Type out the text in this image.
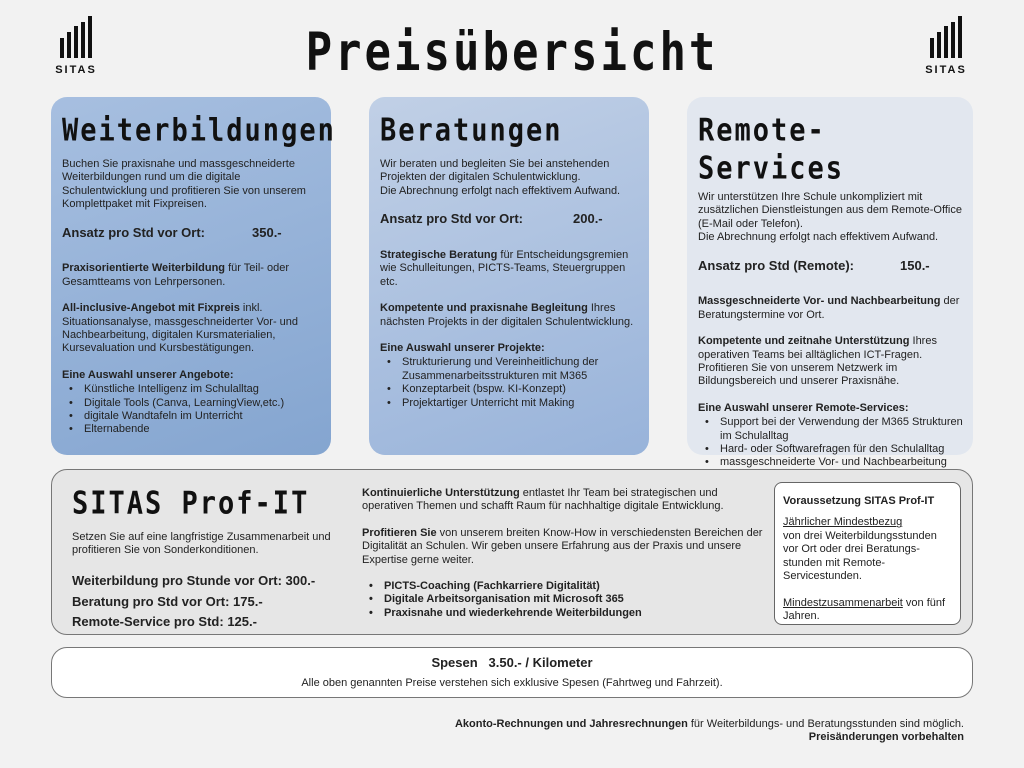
SITAS	SITAS
Preisübersicht
Weiterbildungen

Buchen Sie praxisnahe und massgeschneiderte Weiterbildungen rund um die digitale Schulentwicklung und profitieren Sie von unserem Komplettpaket mit Fixpreisen.

Ansatz pro Std vor Ort:	350.-

Praxisorientierte Weiterbildung für Teil- oder Gesamtteams von Lehrpersonen.

All-inclusive-Angebot mit Fixpreis inkl. Situationsanalyse, massgeschneiderter Vor- und Nachbearbeitung, digitalen Kursmaterialien, Kursevaluation und Kursbestätigungen.

Eine Auswahl unserer Angebote:
• Künstliche Intelligenz im Schulalltag
• Digitale Tools (Canva, LearningView,etc.)
• digitale Wandtafeln im Unterricht
• Elternabende
Beratungen
Wir beraten und begleiten Sie bei anstehenden Projekten der digitalen Schulentwicklung.

Die Abrechnung erfolgt nach effektivem Aufwand.

Ansatz pro Std vor Ort:	200.-

Strategische Beratung für Entscheidungsgremien wie Schulleitungen, PICTS-Teams, Steuergruppen etc.

Kompetente und praxisnahe Begleitung Ihres nächsten Projekts in der digitalen Schulentwicklung.

Eine Auswahl unserer Projekte:
• Strukturierung und Vereinheitlichung der Zusammenarbeitsstrukturen mit M365
• Konzeptarbeit (bspw. KI-Konzept)
• Projektartiger Unterricht mit Making
Remote-Services
Wir unterstützen Ihre Schule unkompliziert mit zusätzlichen Dienstleistungen aus dem Remote-Office (E-Mail oder Telefon).

Die Abrechnung erfolgt nach effektivem Aufwand.

Ansatz pro Std (Remote):	150.-

Massgeschneiderte Vor- und Nachbearbeitung der Beratungstermine vor Ort.

Kompetente und zeitnahe Unterstützung Ihres operativen Teams bei alltäglichen ICT-Fragen. Profitieren Sie von unserem Netzwerk im Bildungsbereich und unserer Praxisnähe.

Eine Auswahl unserer Remote-Services:
• Support bei der Verwendung der M365 Strukturen im Schulalltag
• Hard- oder Softwarefragen für den Schulalltag
• massgeschneiderte Vor- und Nachbearbeitung
SITAS Prof-IT

Setzen Sie auf eine langfristige Zusammenarbeit und profitieren Sie von Sonderkonditionen.

Weiterbildung pro Stunde vor Ort: 300.-
Beratung pro Std vor Ort: 175.-
Remote-Service pro Std: 125.-

Kontinuierliche Unterstützung entlastet Ihr Team bei strategischen und operativen Themen und schafft Raum für nachhaltige digitale Entwicklung.

Profitieren Sie von unserem breiten Know-How in verschiedensten Bereichen der Digitalität an Schulen. Wir geben unsere Erfahrung aus der Praxis und unsere Expertise gerne weiter.

• PICTS-Coaching (Fachkarriere Digitalität)
• Digitale Arbeitsorganisation mit Microsoft 365
• Praxisnahe und wiederkehrende Weiterbildungen
Voraussetzung SITAS Prof-IT
Jährlicher Mindestbezug
von drei Weiterbildungsstunden vor Ort oder drei Beratungs-stunden mit Remote-Servicestunden.

Mindestzusammenarbeit von fünf Jahren.
Spesen   3.50.- / Kilometer
Alle oben genannten Preise verstehen sich exklusive Spesen (Fahrtweg und Fahrzeit).
Akonto-Rechnungen und Jahresrechnungen für Weiterbildungs- und Beratungsstunden sind möglich.
Preisänderungen vorbehalten
